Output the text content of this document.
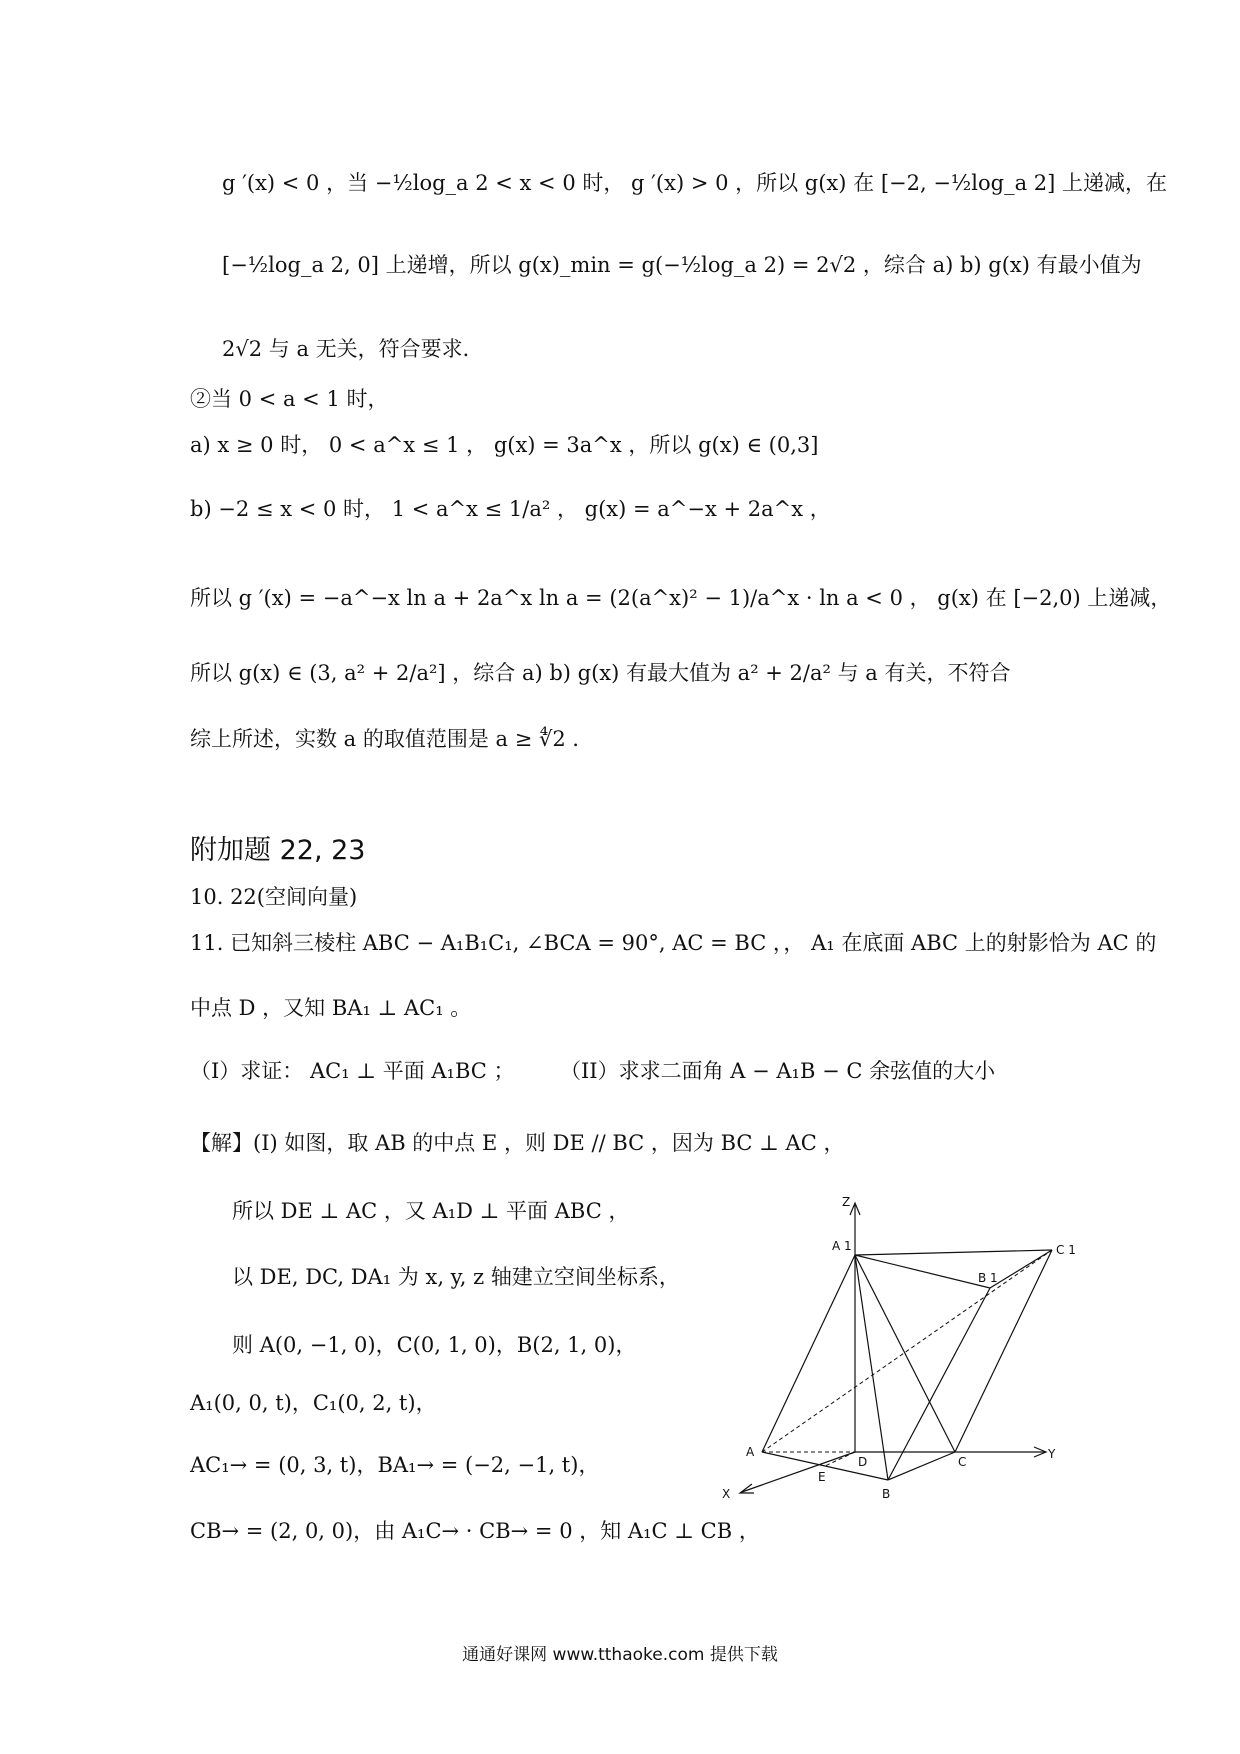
g ′(x) < 0 ，当 −½log_a 2 < x < 0 时， g ′(x) > 0 ，所以 g(x) 在 [−2, −½log_a 2] 上递减，在
[−½log_a 2, 0] 上递增，所以 g(x)_min = g(−½log_a 2) = 2√2 ，综合 a) b) g(x) 有最小值为
2√2 与 a 无关，符合要求．
②当 0 < a < 1 时，
a) x ≥ 0 时， 0 < a^x ≤ 1 ， g(x) = 3a^x ，所以 g(x) ∈ (0,3]
b) −2 ≤ x < 0 时， 1 < a^x ≤ 1/a² ， g(x) = a^−x + 2a^x ，
所以 g ′(x) = −a^−x ln a + 2a^x ln a = (2(a^x)² − 1)/a^x · ln a < 0 ， g(x) 在 [−2,0) 上递减，
所以 g(x) ∈ (3, a² + 2/a²] ，综合 a) b) g(x) 有最大值为 a² + 2/a² 与 a 有关，不符合
综上所述，实数 a 的取值范围是 a ≥ ∜2 ．
附加题 22, 23
10. 22(空间向量)
11. 已知斜三棱柱 ABC − A₁B₁C₁, ∠BCA = 90°, AC = BC ，， A₁ 在底面 ABC 上的射影恰为 AC 的
中点 D ，又知 BA₁ ⊥ AC₁ 。
（I）求证： AC₁ ⊥ 平面 A₁BC ； （II）求求二面角 A − A₁B − C 余弦值的大小
【解】(I) 如图，取 AB 的中点 E ，则 DE // BC ，因为 BC ⊥ AC ，
所以 DE ⊥ AC ，又 A₁D ⊥ 平面 ABC ，
以 DE, DC, DA₁ 为 x, y, z 轴建立空间坐标系，
则 A(0, −1, 0)，C(0, 1, 0)，B(2, 1, 0)，
A₁(0, 0, t)，C₁(0, 2, t)，
AC₁→ = (0, 3, t)，BA₁→ = (−2, −1, t)，
CB→ = (2, 0, 0)，由 A₁C→ · CB→ = 0 ，知 A₁C ⊥ CB ，
Z
Y
X
A 1
B 1
C 1
A
B
C
D
E
通通好课网 www.tthaoke.com 提供下载
